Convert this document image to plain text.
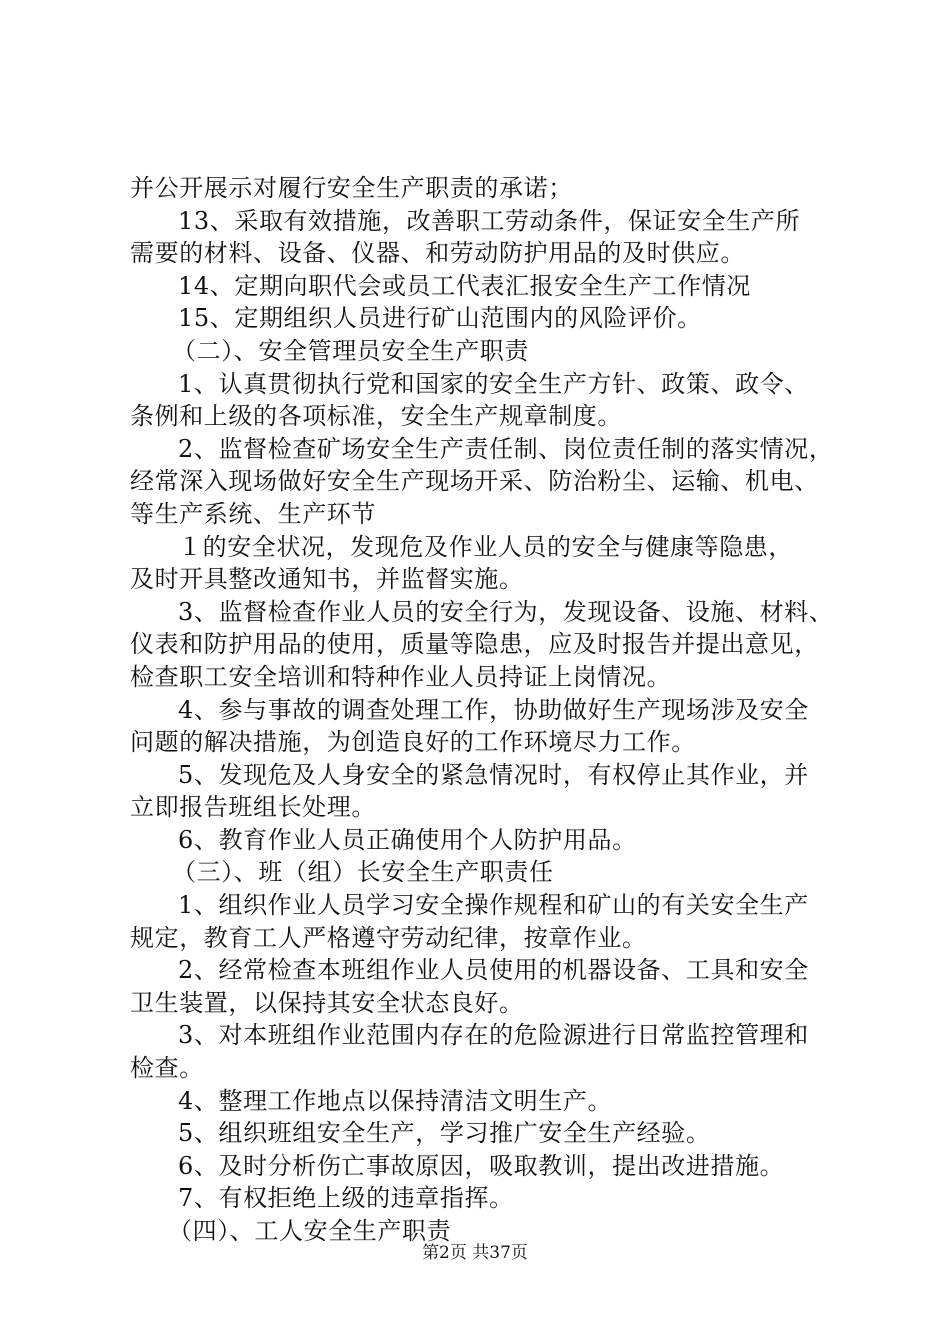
并公开展示对履行安全生产职责的承诺；
13、采取有效措施，改善职工劳动条件，保证安全生产所
需要的材料、设备、仪器、和劳动防护用品的及时供应。
14、定期向职代会或员工代表汇报安全生产工作情况
15、定期组织人员进行矿山范围内的风险评价。
（二）、安全管理员安全生产职责
1、认真贯彻执行党和国家的安全生产方针、政策、政令、
条例和上级的各项标准，安全生产规章制度。
2、监督检查矿场安全生产责任制、岗位责任制的落实情况，
经常深入现场做好安全生产现场开采、防治粉尘、运输、机电、
等生产系统、生产环节
１的安全状况，发现危及作业人员的安全与健康等隐患，
及时开具整改通知书，并监督实施。
3、监督检查作业人员的安全行为，发现设备、设施、材料、
仪表和防护用品的使用，质量等隐患，应及时报告并提出意见，
检查职工安全培训和特种作业人员持证上岗情况。
4、参与事故的调查处理工作，协助做好生产现场涉及安全
问题的解决措施，为创造良好的工作环境尽力工作。
5、发现危及人身安全的紧急情况时，有权停止其作业，并
立即报告班组长处理。
6、教育作业人员正确使用个人防护用品。
（三）、班（组）长安全生产职责任
1、组织作业人员学习安全操作规程和矿山的有关安全生产
规定，教育工人严格遵守劳动纪律，按章作业。
2、经常检查本班组作业人员使用的机器设备、工具和安全
卫生装置，以保持其安全状态良好。
3、对本班组作业范围内存在的危险源进行日常监控管理和
检查。
4、整理工作地点以保持清洁文明生产。
5、组织班组安全生产，学习推广安全生产经验。
6、及时分析伤亡事故原因，吸取教训，提出改进措施。
7、有权拒绝上级的违章指挥。
（四）、工人安全生产职责
第2页 共37页
